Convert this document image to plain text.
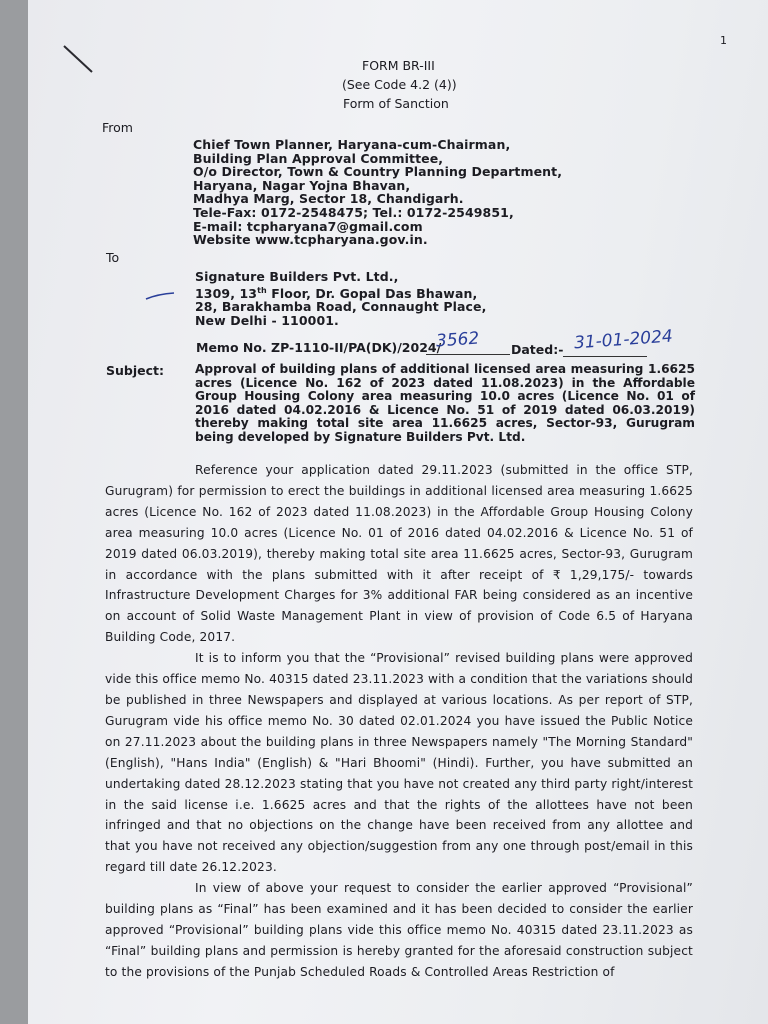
1
FORM BR-III
(See Code 4.2 (4))
Form of Sanction
From
Chief Town Planner, Haryana-cum-Chairman,
Building Plan Approval Committee,
O/o Director, Town & Country Planning Department,
Haryana, Nagar Yojna Bhavan,
Madhya Marg, Sector 18, Chandigarh.
Tele-Fax: 0172-2548475; Tel.: 0172-2549851,
E-mail: tcpharyana7@gmail.com
Website www.tcpharyana.gov.in.
To
Signature Builders Pvt. Ltd.,
1309, 13th Floor, Dr. Gopal Das Bhawan,
28, Barakhamba Road, Connaught Place,
New Delhi - 110001.
Memo No. ZP-1110-II/PA(DK)/2024/
3562 Dated:- 31-01-2024
Subject:	Approval of building plans of additional licensed area measuring 1.6625 acres (Licence No. 162 of 2023 dated 11.08.2023) in the Affordable Group Housing Colony area measuring 10.0 acres (Licence No. 01 of 2016 dated 04.02.2016 & Licence No. 51 of 2019 dated 06.03.2019) thereby making total site area 11.6625 acres, Sector-93, Gurugram being developed by Signature Builders Pvt. Ltd.

Reference your application dated 29.11.2023 (submitted in the office STP, Gurugram) for permission to erect the buildings in additional licensed area measuring 1.6625 acres (Licence No. 162 of 2023 dated 11.08.2023) in the Affordable Group Housing Colony area measuring 10.0 acres (Licence No. 01 of 2016 dated 04.02.2016 & Licence No. 51 of 2019 dated 06.03.2019), thereby making total site area 11.6625 acres, Sector-93, Gurugram in accordance with the plans submitted with it after receipt of ₹ 1,29,175/- towards Infrastructure Development Charges for 3% additional FAR being considered as an incentive on account of Solid Waste Management Plant in view of provision of Code 6.5 of Haryana Building Code, 2017.

It is to inform you that the “Provisional” revised building plans were approved vide this office memo No. 40315 dated 23.11.2023 with a condition that the variations should be published in three Newspapers and displayed at various locations. As per report of STP, Gurugram vide his office memo No. 30 dated 02.01.2024 you have issued the Public Notice on 27.11.2023 about the building plans in three Newspapers namely "The Morning Standard" (English), "Hans India" (English) & "Hari Bhoomi" (Hindi). Further, you have submitted an undertaking dated 28.12.2023 stating that you have not created any third party right/interest in the said license i.e. 1.6625 acres and that the rights of the allottees have not been infringed and that no objections on the change have been received from any allottee and that you have not received any objection/suggestion from any one through post/email in this regard till date 26.12.2023.

In view of above your request to consider the earlier approved “Provisional” building plans as “Final” has been examined and it has been decided to consider the earlier approved “Provisional” building plans vide this office memo No. 40315 dated 23.11.2023 as “Final” building plans and permission is hereby granted for the aforesaid construction subject to the provisions of the Punjab Scheduled Roads & Controlled Areas Restriction of
